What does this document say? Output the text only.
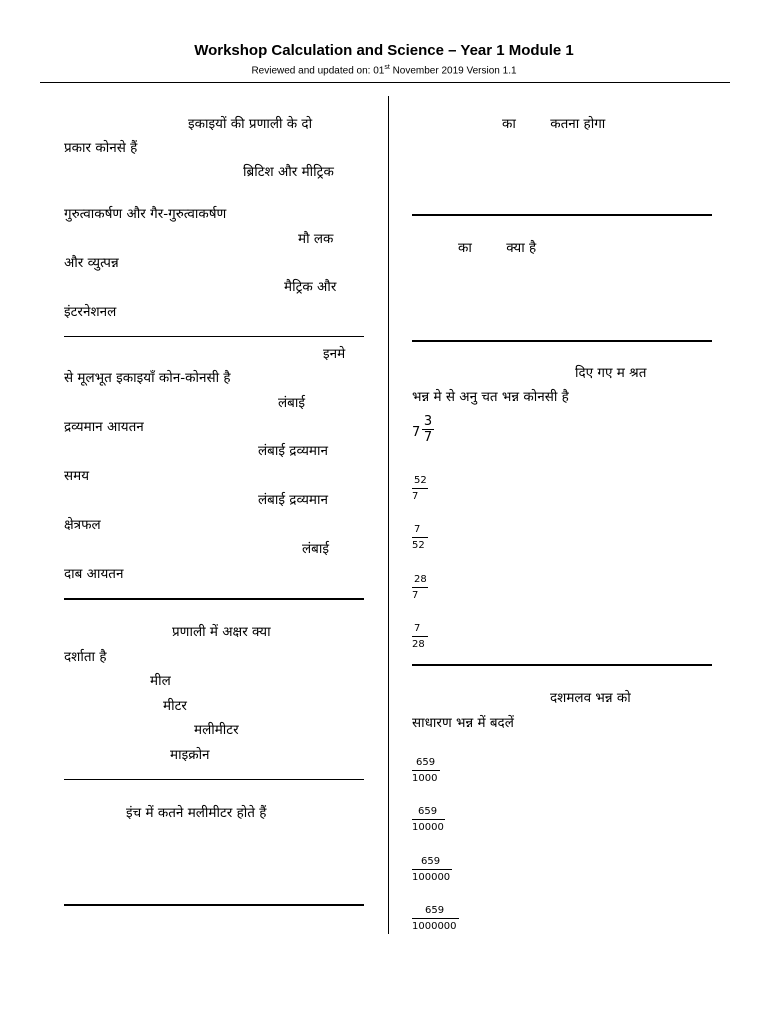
Workshop Calculation and Science – Year 1 Module 1
Reviewed and updated on: 01st November 2019 Version 1.1
इकाइयों की प्रणाली के दो
प्रकार कोनसे हैं
ब्रिटिश और मीट्रिक
गुरुत्वाकर्षण और गैर-गुरुत्वाकर्षण
मौ लक
और व्युत्पन्न
मैट्रिक और
इंटरनेशनल
इनमे
से मूलभूत इकाइयाँ कोन-कोनसी है
लंबाई
द्रव्यमान आयतन
लंबाई द्रव्यमान
समय
लंबाई द्रव्यमान
क्षेत्रफल
लंबाई
दाब आयतन
प्रणाली में अक्षर क्या
दर्शाता है
मील
मीटर
मलीमीटर
माइक्रोन
इंच में कतने मलीमीटर होते हैं
का        कतना होगा
का        क्या है
दिए गए म श्रत
भन्न मे से अनु चत भन्न कोनसी है
7
3
7
52
7
7
52
28
7
7
28
दशमलव भन्न को
साधारण भन्न में बदलें
659
1000
659
10000
659
100000
659
1000000
